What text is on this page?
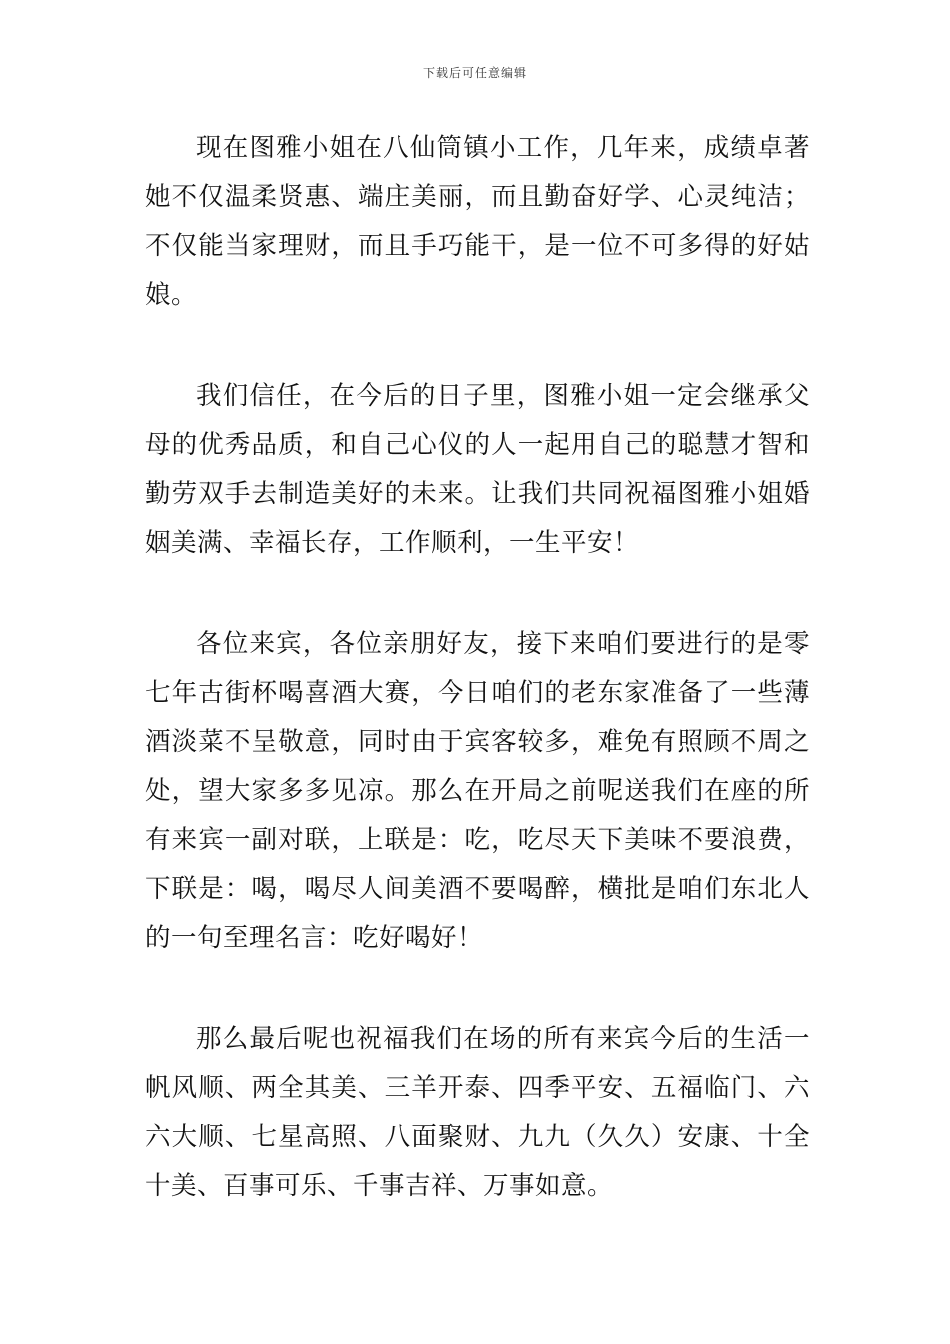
下载后可任意编辑

现在图雅小姐在八仙筒镇小工作，几年来，成绩卓著她不仅温柔贤惠、端庄美丽，而且勤奋好学、心灵纯洁；不仅能当家理财，而且手巧能干，是一位不可多得的好姑娘。

我们信任，在今后的日子里，图雅小姐一定会继承父母的优秀品质，和自己心仪的人一起用自己的聪慧才智和勤劳双手去制造美好的未来。让我们共同祝福图雅小姐婚姻美满、幸福长存，工作顺利，一生平安！

各位来宾，各位亲朋好友，接下来咱们要进行的是零七年古街杯喝喜酒大赛，今日咱们的老东家准备了一些薄酒淡菜不呈敬意，同时由于宾客较多，难免有照顾不周之处，望大家多多见凉。那么在开局之前呢送我们在座的所有来宾一副对联，上联是：吃，吃尽天下美味不要浪费，下联是：喝，喝尽人间美酒不要喝醉，横批是咱们东北人的一句至理名言：吃好喝好！

那么最后呢也祝福我们在场的所有来宾今后的生活一帆风顺、两全其美、三羊开泰、四季平安、五福临门、六六大顺、七星高照、八面聚财、九九（久久）安康、十全十美、百事可乐、千事吉祥、万事如意。
